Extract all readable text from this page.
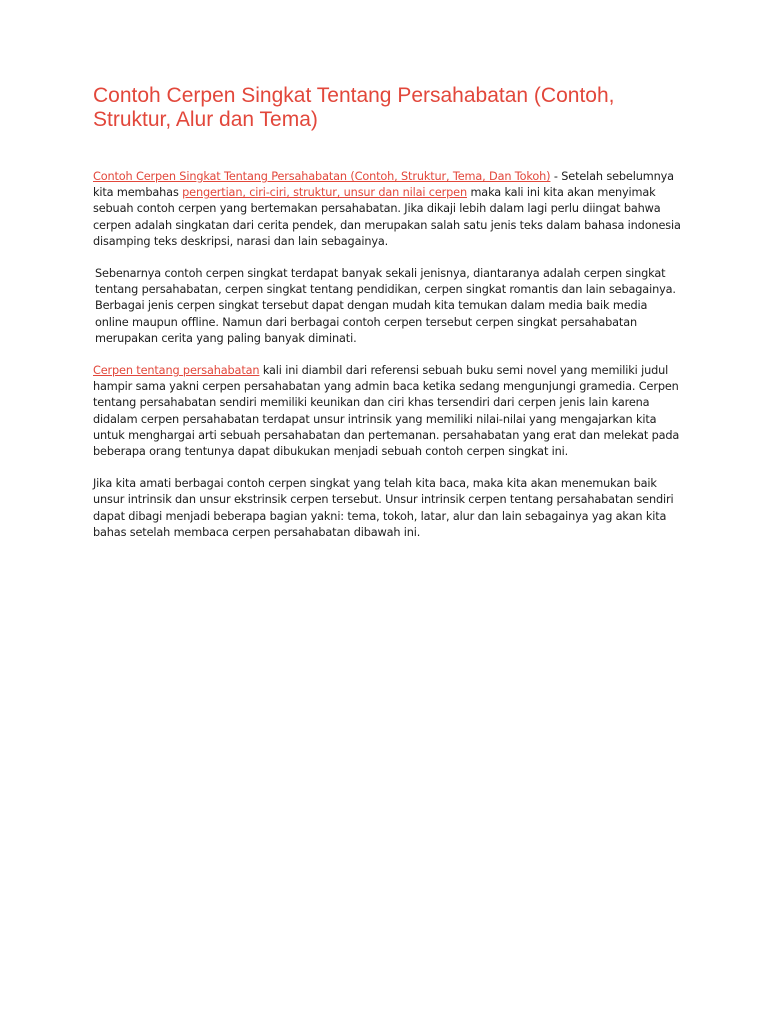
Contoh Cerpen Singkat Tentang Persahabatan (Contoh, Struktur, Alur dan Tema)

Contoh Cerpen Singkat Tentang Persahabatan (Contoh, Struktur, Tema, Dan Tokoh) - Setelah sebelumnya kita membahas pengertian, ciri-ciri, struktur, unsur dan nilai cerpen maka kali ini kita akan menyimak sebuah contoh cerpen yang bertemakan persahabatan. Jika dikaji lebih dalam lagi perlu diingat bahwa cerpen adalah singkatan dari cerita pendek, dan merupakan salah satu jenis teks dalam bahasa indonesia disamping teks deskripsi, narasi dan lain sebagainya.

Sebenarnya contoh cerpen singkat terdapat banyak sekali jenisnya, diantaranya adalah cerpen singkat tentang persahabatan, cerpen singkat tentang pendidikan, cerpen singkat romantis dan lain sebagainya. Berbagai jenis cerpen singkat tersebut dapat dengan mudah kita temukan dalam media baik media online maupun offline. Namun dari berbagai contoh cerpen tersebut cerpen singkat persahabatan merupakan cerita yang paling banyak diminati.

Cerpen tentang persahabatan kali ini diambil dari referensi sebuah buku semi novel yang memiliki judul hampir sama yakni cerpen persahabatan yang admin baca ketika sedang mengunjungi gramedia. Cerpen tentang persahabatan sendiri memiliki keunikan dan ciri khas tersendiri dari cerpen jenis lain karena didalam cerpen persahabatan terdapat unsur intrinsik yang memiliki nilai-nilai yang mengajarkan kita untuk menghargai arti sebuah persahabatan dan pertemanan. persahabatan yang erat dan melekat pada beberapa orang tentunya dapat dibukukan menjadi sebuah contoh cerpen singkat ini.

Jika kita amati berbagai contoh cerpen singkat yang telah kita baca, maka kita akan menemukan baik unsur intrinsik dan unsur ekstrinsik cerpen tersebut. Unsur intrinsik cerpen tentang persahabatan sendiri dapat dibagi menjadi beberapa bagian yakni: tema, tokoh, latar, alur dan lain sebagainya yag akan kita bahas setelah membaca cerpen persahabatan dibawah ini.
